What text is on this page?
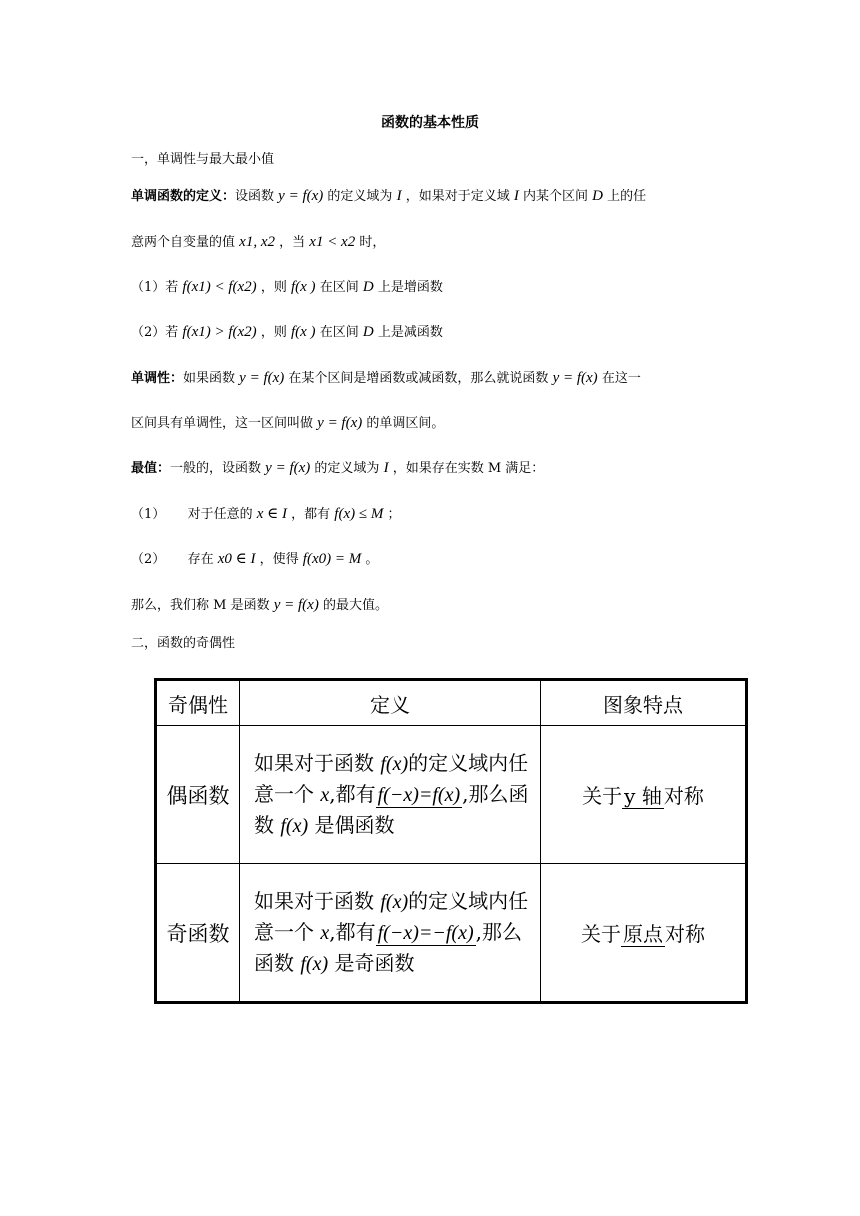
函数的基本性质
一，单调性与最大最小值
单调函数的定义：设函数 y = f(x) 的定义域为 I ，如果对于定义域 I 内某个区间 D 上的任
意两个自变量的值 x1, x2 ，当 x1 < x2 时，
（1）若 f(x1) < f(x2) ，则 f(x ) 在区间 D 上是增函数
（2）若 f(x1) > f(x2) ，则 f(x ) 在区间 D 上是减函数
单调性：如果函数 y = f(x) 在某个区间是增函数或减函数，那么就说函数 y = f(x) 在这一
区间具有单调性，这一区间叫做 y = f(x) 的单调区间。
最值：一般的，设函数 y = f(x) 的定义域为 I ，如果存在实数 M 满足：
（1） 对于任意的 x ∈ I ，都有 f(x) ≤ M ；
（2） 存在 x0 ∈ I ，使得 f(x0) = M 。
那么，我们称 M 是函数 y = f(x) 的最大值。
二，函数的奇偶性
奇偶性	定义	图象特点
偶函数	如果对于函数 f(x)的定义域内任意一个 x,都有 f(−x)=f(x) ,那么函数 f(x) 是偶函数	关于 y 轴 对称
奇函数	如果对于函数 f(x)的定义域内任意一个 x,都有 f(−x)=−f(x) ,那么函数 f(x) 是奇函数	关于 原点 对称
